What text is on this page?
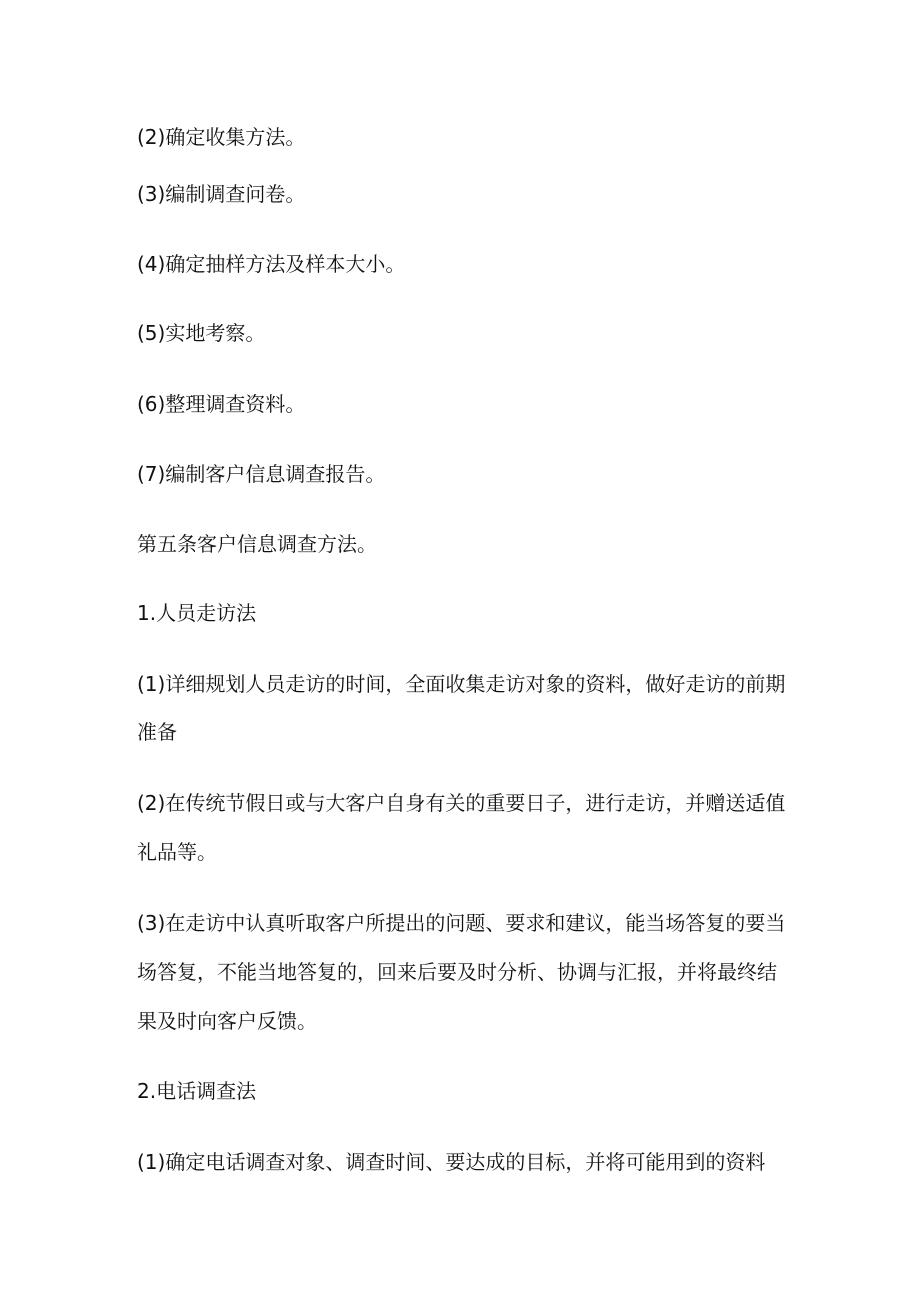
(2)确定收集方法。
(3)编制调查问卷。
(4)确定抽样方法及样本大小。
(5)实地考察。
(6)整理调查资料。
(7)编制客户信息调查报告。
第五条客户信息调查方法。
1.人员走访法
(1)详细规划人员走访的时间，全面收集走访对象的资料，做好走访的前期
准备
(2)在传统节假日或与大客户自身有关的重要日子，进行走访，并赠送适值
礼品等。
(3)在走访中认真听取客户所提出的问题、要求和建议，能当场答复的要当
场答复，不能当地答复的，回来后要及时分析、协调与汇报，并将最终结
果及时向客户反馈。
2.电话调查法
(1)确定电话调查对象、调查时间、要达成的目标，并将可能用到的资料
